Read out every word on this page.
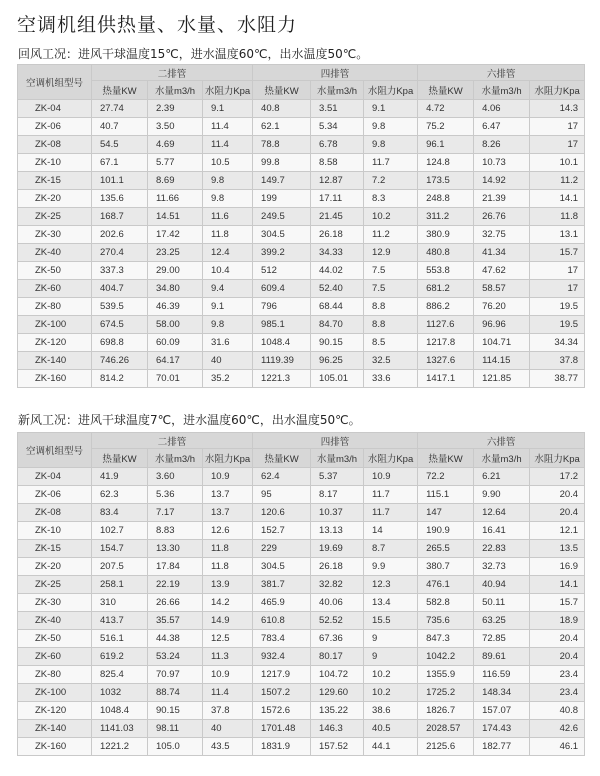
空调机组供热量、水量、水阻力
回风工况：进风干球温度15℃，进水温度60℃，出水温度50℃。
空调机组型号	二排管			四排管			六排管		
	热量KW	水量m3/h	水阻力Kpa	热量KW	水量m3/h	水阻力Kpa	热量KW	水量m3/h	水阻力Kpa
ZK-04	27.74	2.39	9.1	40.8	3.51	9.1	4.72	4.06	14.3
ZK-06	40.7	3.50	11.4	62.1	5.34	9.8	75.2	6.47	17
ZK-08	54.5	4.69	11.4	78.8	6.78	9.8	96.1	8.26	17
ZK-10	67.1	5.77	10.5	99.8	8.58	11.7	124.8	10.73	10.1
ZK-15	101.1	8.69	9.8	149.7	12.87	7.2	173.5	14.92	11.2
ZK-20	135.6	11.66	9.8	199	17.11	8.3	248.8	21.39	14.1
ZK-25	168.7	14.51	11.6	249.5	21.45	10.2	311.2	26.76	11.8
ZK-30	202.6	17.42	11.8	304.5	26.18	11.2	380.9	32.75	13.1
ZK-40	270.4	23.25	12.4	399.2	34.33	12.9	480.8	41.34	15.7
ZK-50	337.3	29.00	10.4	512	44.02	7.5	553.8	47.62	17
ZK-60	404.7	34.80	9.4	609.4	52.40	7.5	681.2	58.57	17
ZK-80	539.5	46.39	9.1	796	68.44	8.8	886.2	76.20	19.5
ZK-100	674.5	58.00	9.8	985.1	84.70	8.8	1127.6	96.96	19.5
ZK-120	698.8	60.09	31.6	1048.4	90.15	8.5	1217.8	104.71	34.34
ZK-140	746.26	64.17	40	1119.39	96.25	32.5	1327.6	114.15	37.8
ZK-160	814.2	70.01	35.2	1221.3	105.01	33.6	1417.1	121.85	38.77
新风工况：进风干球温度7℃，进水温度60℃，出水温度50℃。
空调机组型号	二排管			四排管			六排管		
	热量KW	水量m3/h	水阻力Kpa	热量KW	水量m3/h	水阻力Kpa	热量KW	水量m3/h	水阻力Kpa
ZK-04	41.9	3.60	10.9	62.4	5.37	10.9	72.2	6.21	17.2
ZK-06	62.3	5.36	13.7	95	8.17	11.7	115.1	9.90	20.4
ZK-08	83.4	7.17	13.7	120.6	10.37	11.7	147	12.64	20.4
ZK-10	102.7	8.83	12.6	152.7	13.13	14	190.9	16.41	12.1
ZK-15	154.7	13.30	11.8	229	19.69	8.7	265.5	22.83	13.5
ZK-20	207.5	17.84	11.8	304.5	26.18	9.9	380.7	32.73	16.9
ZK-25	258.1	22.19	13.9	381.7	32.82	12.3	476.1	40.94	14.1
ZK-30	310	26.66	14.2	465.9	40.06	13.4	582.8	50.11	15.7
ZK-40	413.7	35.57	14.9	610.8	52.52	15.5	735.6	63.25	18.9
ZK-50	516.1	44.38	12.5	783.4	67.36	9	847.3	72.85	20.4
ZK-60	619.2	53.24	11.3	932.4	80.17	9	1042.2	89.61	20.4
ZK-80	825.4	70.97	10.9	1217.9	104.72	10.2	1355.9	116.59	23.4
ZK-100	1032	88.74	11.4	1507.2	129.60	10.2	1725.2	148.34	23.4
ZK-120	1048.4	90.15	37.8	1572.6	135.22	38.6	1826.7	157.07	40.8
ZK-140	1141.03	98.11	40	1701.48	146.3	40.5	2028.57	174.43	42.6
ZK-160	1221.2	105.0	43.5	1831.9	157.52	44.1	2125.6	182.77	46.1
